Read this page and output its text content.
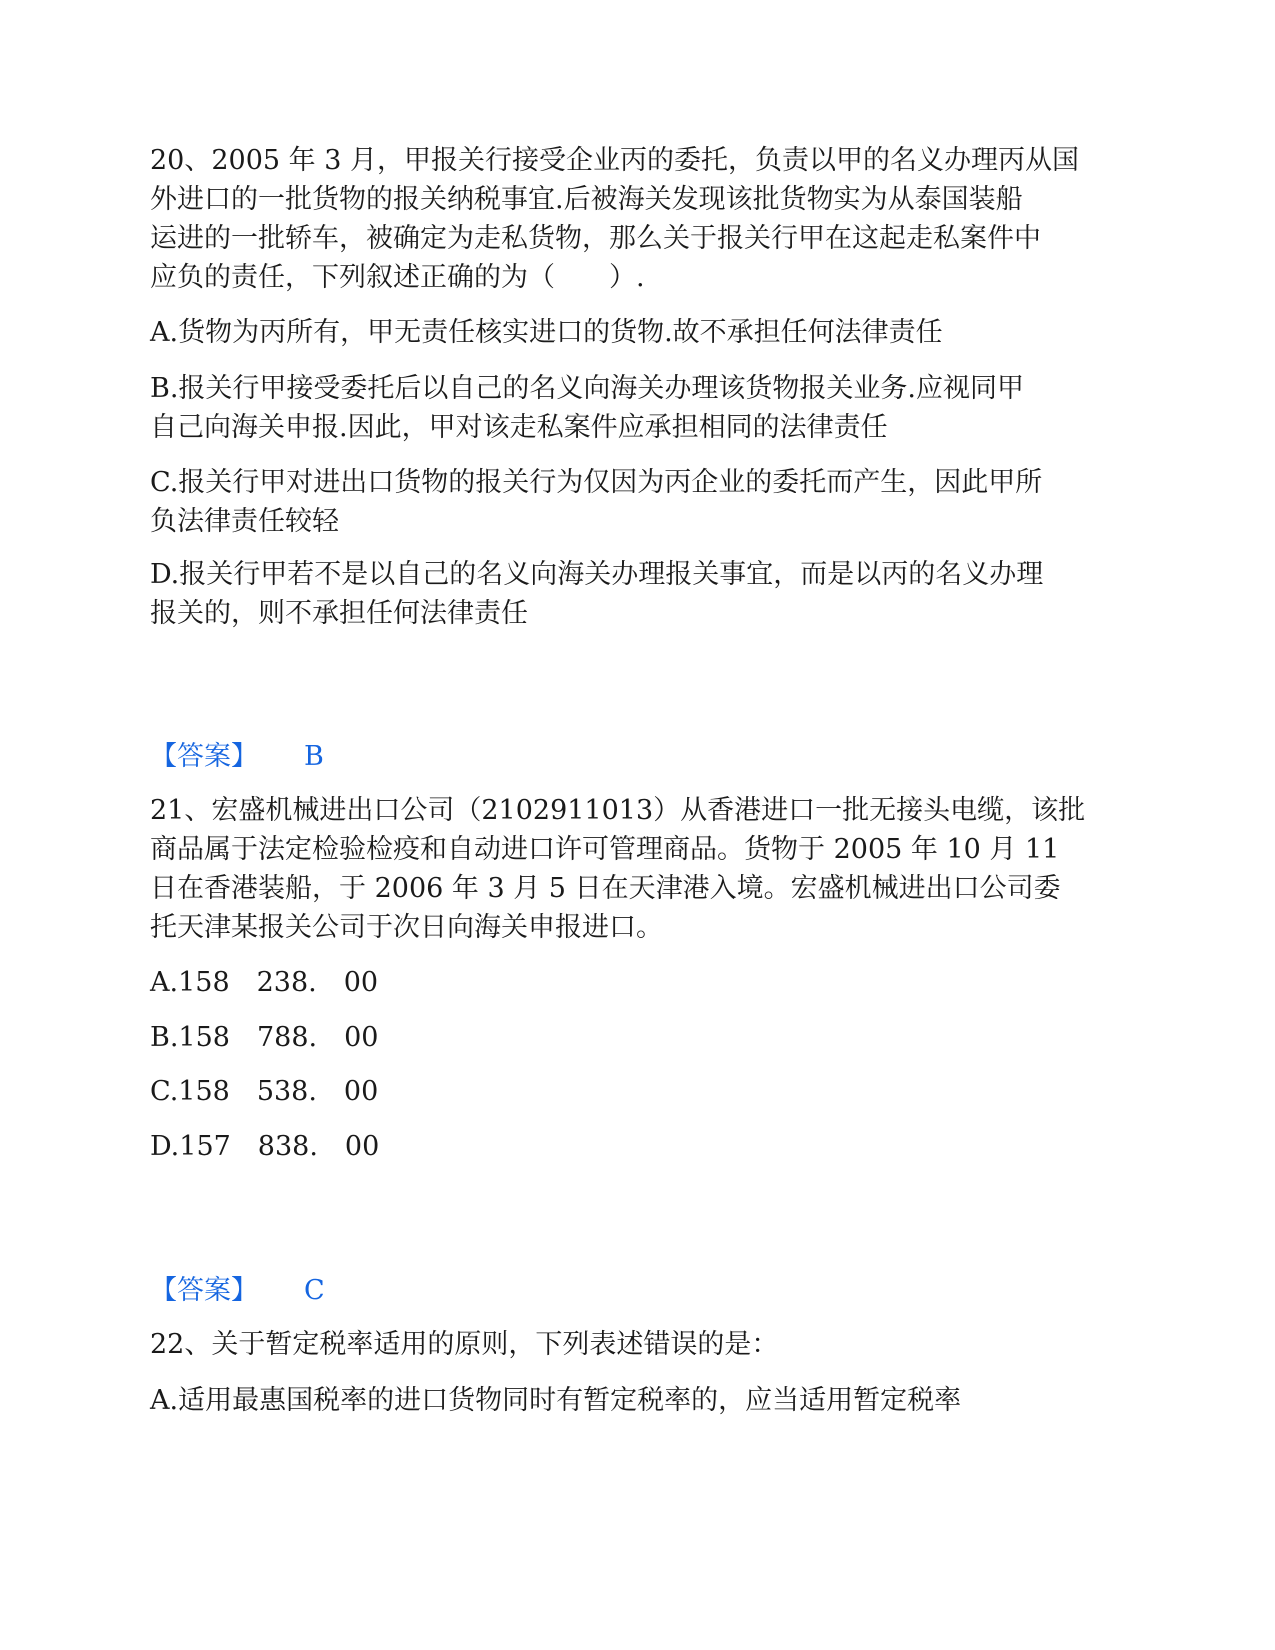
20、2005 年 3 月，甲报关行接受企业丙的委托，负责以甲的名义办理丙从国
外进口的一批货物的报关纳税事宜.后被海关发现该批货物实为从泰国装船
运进的一批轿车，被确定为走私货物，那么关于报关行甲在这起走私案件中
应负的责任，下列叙述正确的为（　　）.
A.货物为丙所有，甲无责任核实进口的货物.故不承担任何法律责任
B.报关行甲接受委托后以自己的名义向海关办理该货物报关业务.应视同甲
自己向海关申报.因此，甲对该走私案件应承担相同的法律责任
C.报关行甲对进出口货物的报关行为仅因为丙企业的委托而产生，因此甲所
负法律责任较轻
D.报关行甲若不是以自己的名义向海关办理报关事宜，而是以丙的名义办理
报关的，则不承担任何法律责任
【答案】 B
21、宏盛机械进出口公司（2102911013）从香港进口一批无接头电缆，该批
商品属于法定检验检疫和自动进口许可管理商品。货物于 2005 年 10 月 11
日在香港装船，于 2006 年 3 月 5 日在天津港入境。宏盛机械进出口公司委
托天津某报关公司于次日向海关申报进口。
A.158　238.　00
B.158　788.　00
C.158　538.　00
D.157　838.　00
【答案】 C
22、关于暂定税率适用的原则，下列表述错误的是：
A.适用最惠国税率的进口货物同时有暂定税率的，应当适用暂定税率
